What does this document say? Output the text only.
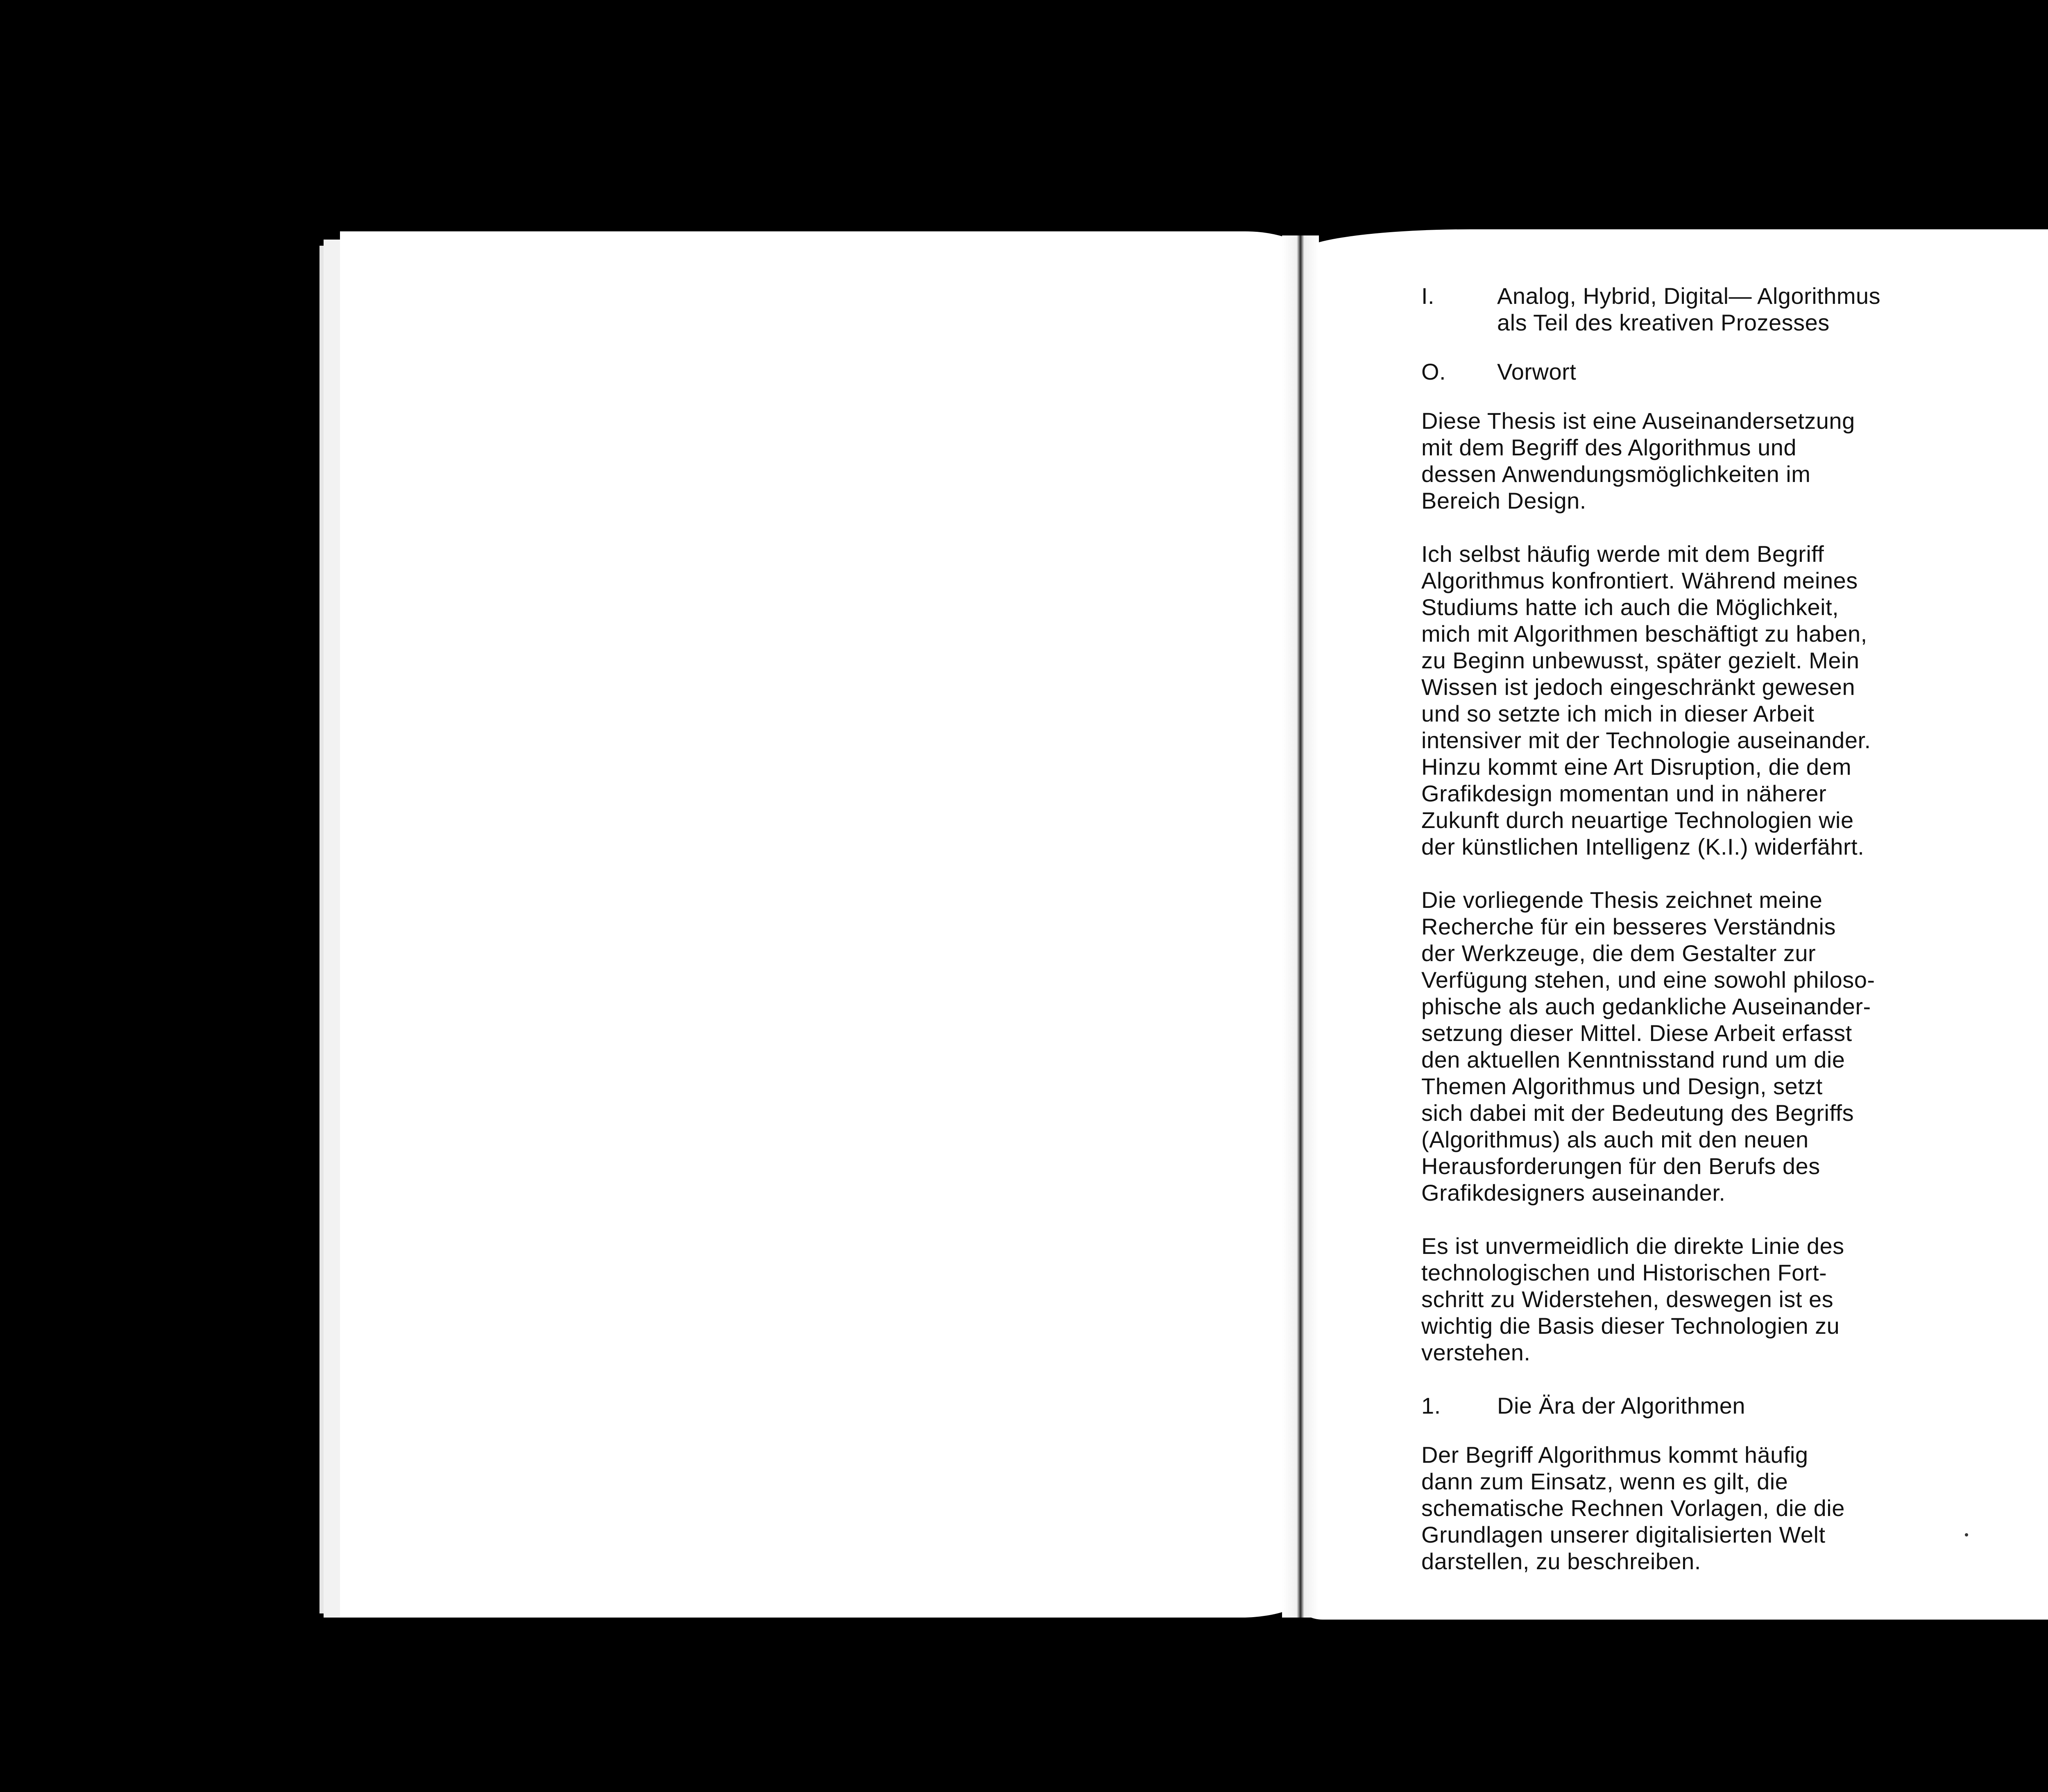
I.	Analog, Hybrid, Digital— Algorithmus
als Teil des kreativen Prozesses
O.	Vorwort

Diese Thesis ist eine Auseinandersetzung
mit dem Begriff des Algorithmus und
dessen Anwendungsmöglichkeiten im
Bereich Design.

Ich selbst häufig werde mit dem Begriff
Algorithmus konfrontiert. Während meines
Studiums hatte ich auch die Möglichkeit,
mich mit Algorithmen beschäftigt zu haben,
zu Beginn unbewusst, später gezielt. Mein
Wissen ist jedoch eingeschränkt gewesen
und so setzte ich mich in dieser Arbeit
intensiver mit der Technologie auseinander.
Hinzu kommt eine Art Disruption, die dem
Grafikdesign momentan und in näherer
Zukunft durch neuartige Technologien wie
der künstlichen Intelligenz (K.I.) widerfährt.

Die vorliegende Thesis zeichnet meine
Recherche für ein besseres Verständnis
der Werkzeuge, die dem Gestalter zur
Verfügung stehen, und eine sowohl philoso-
phische als auch gedankliche Auseinander-
setzung dieser Mittel. Diese Arbeit erfasst
den aktuellen Kenntnisstand rund um die
Themen Algorithmus und Design, setzt
sich dabei mit der Bedeutung des Begriffs
(Algorithmus) als auch mit den neuen
Herausforderungen für den Berufs des
Grafikdesigners auseinander.

Es ist unvermeidlich die direkte Linie des
technologischen und Historischen Fort-
schritt zu Widerstehen, deswegen ist es
wichtig die Basis dieser Technologien zu
verstehen.

1.	Die Ära der Algorithmen

Der Begriff Algorithmus kommt häufig
dann zum Einsatz, wenn es gilt, die
schematische Rechnen Vorlagen, die die
Grundlagen unserer digitalisierten Welt
darstellen, zu beschreiben.
